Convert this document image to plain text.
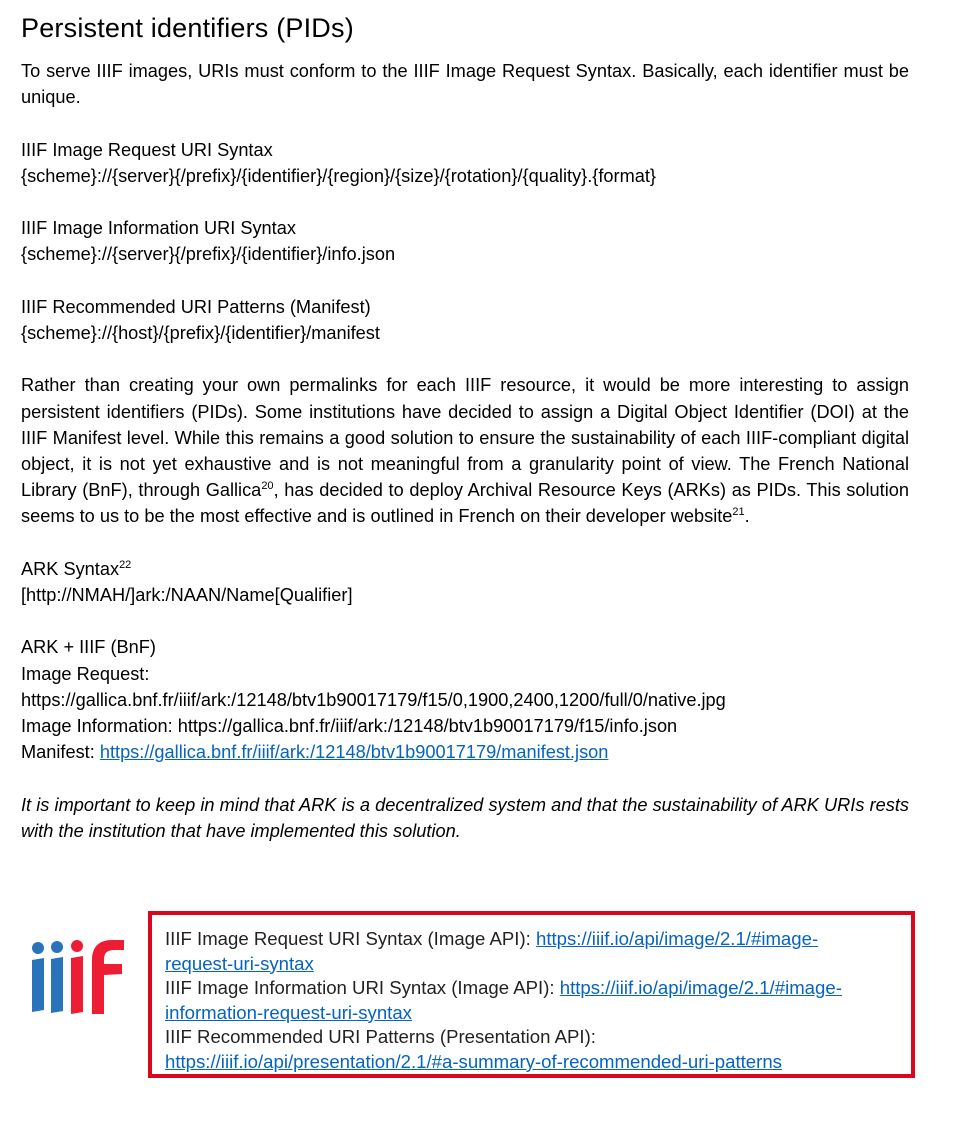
Persistent identifiers (PIDs)

To serve IIIF images, URIs must conform to the IIIF Image Request Syntax. Basically, each identifier must be unique.

IIIF Image Request URI Syntax

{scheme}://{server}{/prefix}/{identifier}/{region}/{size}/{rotation}/{quality}.{format}

IIIF Image Information URI Syntax

{scheme}://{server}{/prefix}/{identifier}/info.json

IIIF Recommended URI Patterns (Manifest)

{scheme}://{host}/{prefix}/{identifier}/manifest

Rather than creating your own permalinks for each IIIF resource, it would be more interesting to assign persistent identifiers (PIDs). Some institutions have decided to assign a Digital Object Identifier (DOI) at the IIIF Manifest level. While this remains a good solution to ensure the sustainability of each IIIF-compliant digital object, it is not yet exhaustive and is not meaningful from a granularity point of view. The French National Library (BnF), through Gallica$^{20}$, has decided to deploy Archival Resource Keys (ARKs) as PIDs. This solution seems to us to be the most effective and is outlined in French on their developer website$^{21}$.

ARK Syntax$^{22}$

[http://NMAH/]ark:/NAAN/Name[Qualifier]

ARK + IIIF (BnF)

Image Request:

https://gallica.bnf.fr/iiif/ark:/12148/btv1b90017179/f15/0,1900,2400,1200/full/0/native.jpg

Image Information: https://gallica.bnf.fr/iiif/ark:/12148/btv1b90017179/f15/info.json

Manifest: https://gallica.bnf.fr/iiif/ark:/12148/btv1b90017179/manifest.json

It is important to keep in mind that ARK is a decentralized system and that the sustainability of ARK URIs rests with the institution that have implemented this solution.

IIIF Image Request URI Syntax (Image API): https://iiif.io/api/image/2.1/#image-
request-uri-syntax
IIIF Image Information URI Syntax (Image API): https://iiif.io/api/image/2.1/#image-
information-request-uri-syntax
IIIF Recommended URI Patterns (Presentation API):
https://iiif.io/api/presentation/2.1/#a-summary-of-recommended-uri-patterns
